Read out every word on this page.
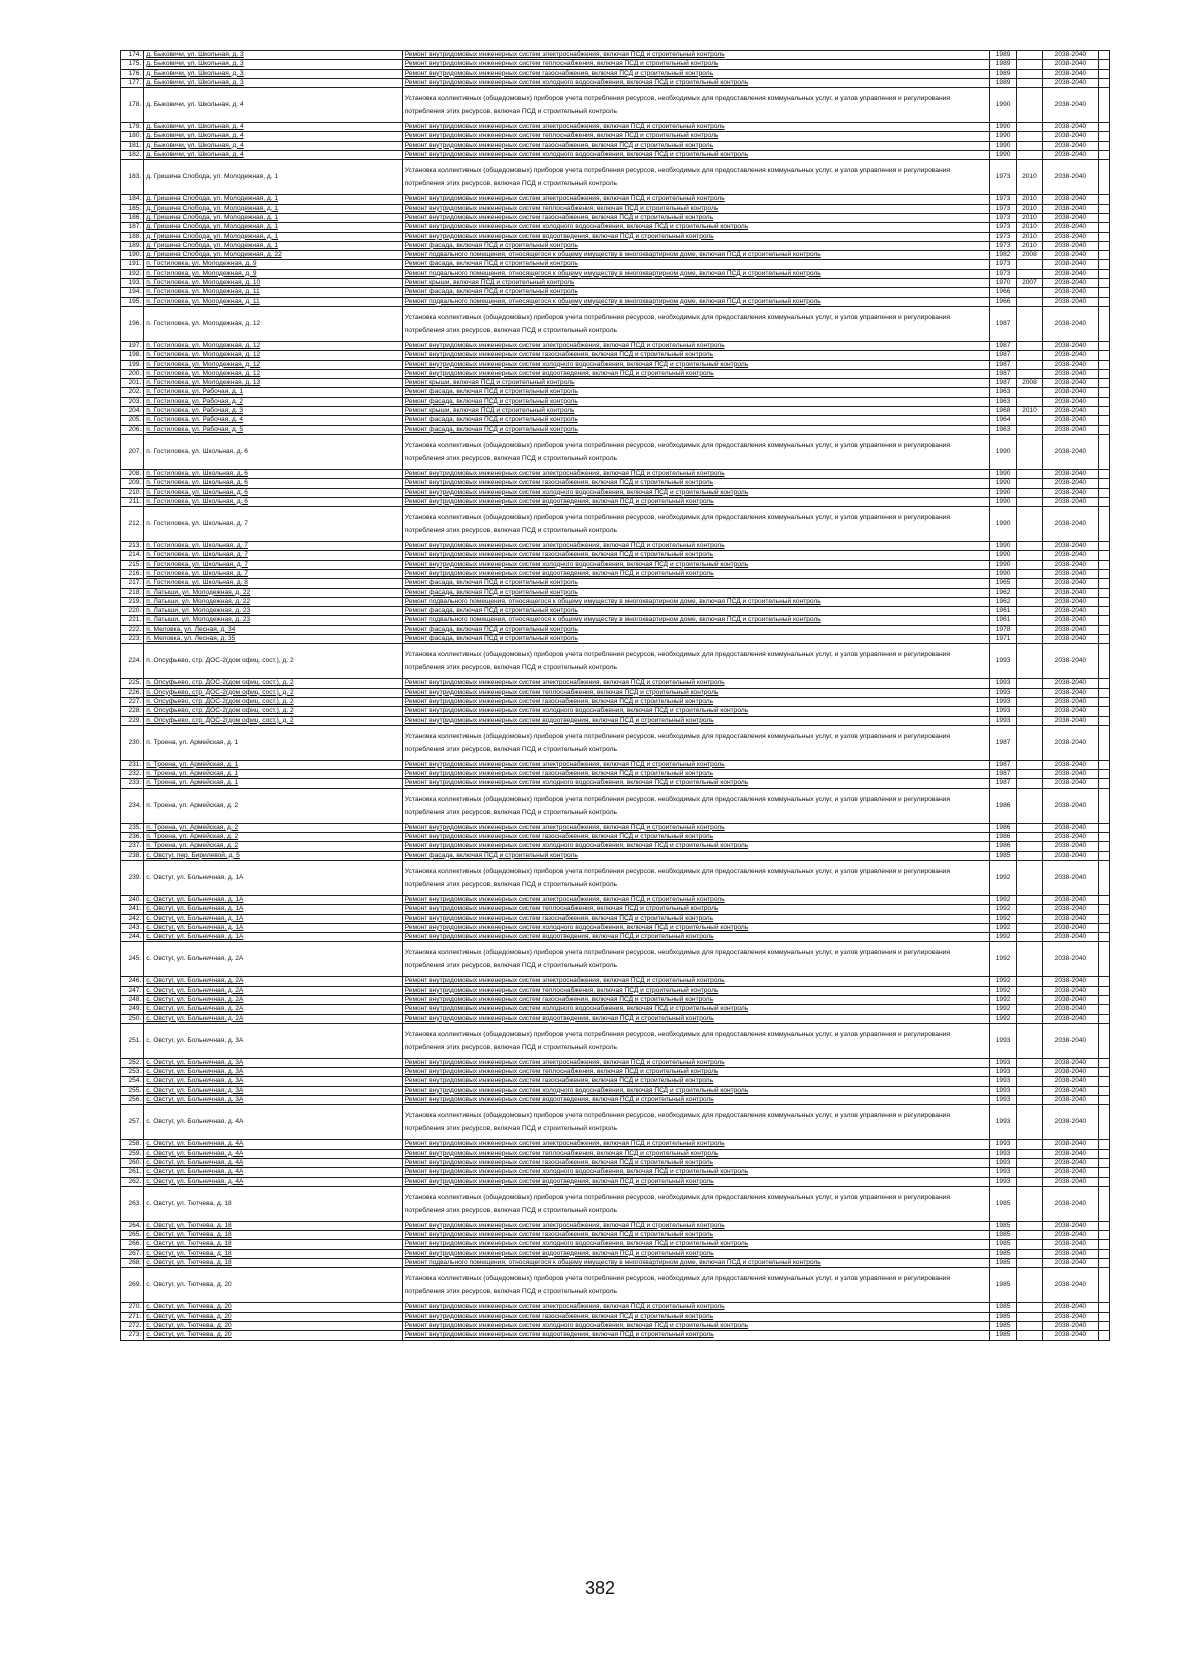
174.	д. Быковичи, ул. Школьная, д. 3	Ремонт внутридомовых инженерных систем электроснабжения, включая ПСД и строительный контроль	1989		2038-2040	
175.	д. Быковичи, ул. Школьная, д. 3	Ремонт внутридомовых инженерных систем теплоснабжения, включая ПСД и строительный контроль	1989		2038-2040	
176.	д. Быковичи, ул. Школьная, д. 3	Ремонт внутридомовых инженерных систем газоснабжения, включая ПСД и строительный контроль	1989		2038-2040	
177.	д. Быковичи, ул. Школьная, д. 3	Ремонт внутридомовых инженерных систем холодного водоснабжения, включая ПСД и строительный контроль	1989		2038-2040	
178.	д. Быковичи, ул. Школьная, д. 4	Установка коллективных (общедомовых) приборов учета потребления ресурсов, необходимых для предоставления коммунальных услуг, и узлов управления и регулирования потребления этих ресурсов, включая ПСД и строительный контроль	1990		2038-2040	
179.	д. Быковичи, ул. Школьная, д. 4	Ремонт внутридомовых инженерных систем электроснабжения, включая ПСД и строительный контроль	1990		2038-2040	
180.	д. Быковичи, ул. Школьная, д. 4	Ремонт внутридомовых инженерных систем теплоснабжения, включая ПСД и строительный контроль	1990		2038-2040	
181.	д. Быковичи, ул. Школьная, д. 4	Ремонт внутридомовых инженерных систем газоснабжения, включая ПСД и строительный контроль	1990		2038-2040	
182.	д. Быковичи, ул. Школьная, д. 4	Ремонт внутридомовых инженерных систем холодного водоснабжения, включая ПСД и строительный контроль	1990		2038-2040	
183.	д. Гришина Слобода, ул. Молодежная, д. 1	Установка коллективных (общедомовых) приборов учета потребления ресурсов, необходимых для предоставления коммунальных услуг, и узлов управления и регулирования потребления этих ресурсов, включая ПСД и строительный контроль	1973	2010	2038-2040	
184.	д. Гришина Слобода, ул. Молодежная, д. 1	Ремонт внутридомовых инженерных систем электроснабжения, включая ПСД и строительный контроль	1973	2010	2038-2040	
185.	д. Гришина Слобода, ул. Молодежная, д. 1	Ремонт внутридомовых инженерных систем теплоснабжения, включая ПСД и строительный контроль	1973	2010	2038-2040	
186.	д. Гришина Слобода, ул. Молодежная, д. 1	Ремонт внутридомовых инженерных систем газоснабжения, включая ПСД и строительный контроль	1973	2010	2038-2040	
187.	д. Гришина Слобода, ул. Молодежная, д. 1	Ремонт внутридомовых инженерных систем холодного водоснабжения, включая ПСД и строительный контроль	1973	2010	2038-2040	
188.	д. Гришина Слобода, ул. Молодежная, д. 1	Ремонт внутридомовых инженерных систем водоотведения, включая ПСД и строительный контроль	1973	2010	2038-2040	
189.	д. Гришина Слобода, ул. Молодежная, д. 1	Ремонт фасада, включая ПСД и строительный контроль	1973	2010	2038-2040	
190.	д. Гришина Слобода, ул. Молодежная, д. 22	Ремонт подвального помещения, относящегося к общему имуществу в многоквартирном доме, включая ПСД и строительный контроль	1982	2008	2038-2040	
191.	п. Гостиловка, ул. Молодежная, д. 9	Ремонт фасада, включая ПСД и строительный контроль	1973		2038-2040	
192.	п. Гостиловка, ул. Молодежная, д. 9	Ремонт подвального помещения, относящегося к общему имуществу в многоквартирном доме, включая ПСД и строительный контроль	1973		2038-2040	
193.	п. Гостиловка, ул. Молодежная, д. 10	Ремонт крыши, включая ПСД и строительный контроль	1970	2007	2038-2040	
194.	п. Гостиловка, ул. Молодежная, д. 11	Ремонт фасада, включая ПСД и строительный контроль	1966		2038-2040	
195.	п. Гостиловка, ул. Молодежная, д. 11	Ремонт подвального помещения, относящегося к общему имуществу в многоквартирном доме, включая ПСД и строительный контроль	1966		2038-2040	
196.	п. Гостиловка, ул. Молодежная, д. 12	Установка коллективных (общедомовых) приборов учета потребления ресурсов, необходимых для предоставления коммунальных услуг, и узлов управления и регулирования потребления этих ресурсов, включая ПСД и строительный контроль	1987		2038-2040	
197.	п. Гостиловка, ул. Молодежная, д. 12	Ремонт внутридомовых инженерных систем электроснабжения, включая ПСД и строительный контроль	1987		2038-2040	
198.	п. Гостиловка, ул. Молодежная, д. 12	Ремонт внутридомовых инженерных систем газоснабжения, включая ПСД и строительный контроль	1987		2038-2040	
199.	п. Гостиловка, ул. Молодежная, д. 12	Ремонт внутридомовых инженерных систем холодного водоснабжения, включая ПСД и строительный контроль	1987		2038-2040	
200.	п. Гостиловка, ул. Молодежная, д. 12	Ремонт внутридомовых инженерных систем водоотведения, включая ПСД и строительный контроль	1987		2038-2040	
201.	п. Гостиловка, ул. Молодежная, д. 13	Ремонт крыши, включая ПСД и строительный контроль	1987	2008	2038-2040	
202.	п. Гостиловка, ул. Рабочая, д. 1	Ремонт фасада, включая ПСД и строительный контроль	1963		2038-2040	
203.	п. Гостиловка, ул. Рабочая, д. 2	Ремонт фасада, включая ПСД и строительный контроль	1963		2038-2040	
204.	п. Гостиловка, ул. Рабочая, д. 3	Ремонт крыши, включая ПСД и строительный контроль	1968	2010	2038-2040	
205.	п. Гостиловка, ул. Рабочая, д. 4	Ремонт фасада, включая ПСД и строительный контроль	1964		2038-2040	
206.	п. Гостиловка, ул. Рабочая, д. 5	Ремонт фасада, включая ПСД и строительный контроль	1963		2038-2040	
207.	п. Гостиловка, ул. Школьная, д. 6	Установка коллективных (общедомовых) приборов учета потребления ресурсов, необходимых для предоставления коммунальных услуг, и узлов управления и регулирования потребления этих ресурсов, включая ПСД и строительный контроль	1990		2038-2040	
208.	п. Гостиловка, ул. Школьная, д. 6	Ремонт внутридомовых инженерных систем электроснабжения, включая ПСД и строительный контроль	1990		2038-2040	
209.	п. Гостиловка, ул. Школьная, д. 6	Ремонт внутридомовых инженерных систем газоснабжения, включая ПСД и строительный контроль	1990		2038-2040	
210.	п. Гостиловка, ул. Школьная, д. 6	Ремонт внутридомовых инженерных систем холодного водоснабжения, включая ПСД и строительный контроль	1990		2038-2040	
211.	п. Гостиловка, ул. Школьная, д. 6	Ремонт внутридомовых инженерных систем водоотведения, включая ПСД и строительный контроль	1990		2038-2040	
212.	п. Гостиловка, ул. Школьная, д. 7	Установка коллективных (общедомовых) приборов учета потребления ресурсов, необходимых для предоставления коммунальных услуг, и узлов управления и регулирования потребления этих ресурсов, включая ПСД и строительный контроль	1990		2038-2040	
213.	п. Гостиловка, ул. Школьная, д. 7	Ремонт внутридомовых инженерных систем электроснабжения, включая ПСД и строительный контроль	1990		2038-2040	
214.	п. Гостиловка, ул. Школьная, д. 7	Ремонт внутридомовых инженерных систем газоснабжения, включая ПСД и строительный контроль	1990		2038-2040	
215.	п. Гостиловка, ул. Школьная, д. 7	Ремонт внутридомовых инженерных систем холодного водоснабжения, включая ПСД и строительный контроль	1990		2038-2040	
216.	п. Гостиловка, ул. Школьная, д. 7	Ремонт внутридомовых инженерных систем водоотведения, включая ПСД и строительный контроль	1990		2038-2040	
217.	п. Гостиловка, ул. Школьная, д. 8	Ремонт фасада, включая ПСД и строительный контроль	1965		2038-2040	
218.	п. Латыши, ул. Молодежная, д. 22	Ремонт фасада, включая ПСД и строительный контроль	1962		2038-2040	
219.	п. Латыши, ул. Молодежная, д. 22	Ремонт подвального помещения, относящегося к общему имуществу в многоквартирном доме, включая ПСД и строительный контроль	1962		2038-2040	
220.	п. Латыши, ул. Молодежная, д. 23	Ремонт фасада, включая ПСД и строительный контроль	1961		2038-2040	
221.	п. Латыши, ул. Молодежная, д. 23	Ремонт подвального помещения, относящегося к общему имуществу в многоквартирном доме, включая ПСД и строительный контроль	1961		2038-2040	
222.	п. Меловка, ул. Лесная, д. 34	Ремонт фасада, включая ПСД и строительный контроль	1978		2038-2040	
223.	п. Меловка, ул. Лесная, д. 35	Ремонт фасада, включая ПСД и строительный контроль	1971		2038-2040	
224.	п. Опсуфьево, стр. ДОС-2(дом офиц. сост.), д. 2	Установка коллективных (общедомовых) приборов учета потребления ресурсов, необходимых для предоставления коммунальных услуг, и узлов управления и регулирования потребления этих ресурсов, включая ПСД и строительный контроль	1993		2038-2040	
225.	п. Опсуфьево, стр. ДОС-2(дом офиц. сост.), д. 2	Ремонт внутридомовых инженерных систем электроснабжения, включая ПСД и строительный контроль	1993		2038-2040	
226.	п. Опсуфьево, стр. ДОС-2(дом офиц. сост.), д. 2	Ремонт внутридомовых инженерных систем теплоснабжения, включая ПСД и строительный контроль	1993		2038-2040	
227.	п. Опсуфьево, стр. ДОС-2(дом офиц. сост.), д. 2	Ремонт внутридомовых инженерных систем газоснабжения, включая ПСД и строительный контроль	1993		2038-2040	
228.	п. Опсуфьево, стр. ДОС-2(дом офиц. сост.), д. 2	Ремонт внутридомовых инженерных систем холодного водоснабжения, включая ПСД и строительный контроль	1993		2038-2040	
229.	п. Опсуфьево, стр. ДОС-2(дом офиц. сост.), д. 2	Ремонт внутридомовых инженерных систем водоотведения, включая ПСД и строительный контроль	1993		2038-2040	
230.	п. Троена, ул. Армейская, д. 1	Установка коллективных (общедомовых) приборов учета потребления ресурсов, необходимых для предоставления коммунальных услуг, и узлов управления и регулирования потребления этих ресурсов, включая ПСД и строительный контроль	1987		2038-2040	
231.	п. Троена, ул. Армейская, д. 1	Ремонт внутридомовых инженерных систем электроснабжения, включая ПСД и строительный контроль	1987		2038-2040	
232.	п. Троена, ул. Армейская, д. 1	Ремонт внутридомовых инженерных систем газоснабжения, включая ПСД и строительный контроль	1987		2038-2040	
233.	п. Троена, ул. Армейская, д. 1	Ремонт внутридомовых инженерных систем холодного водоснабжения, включая ПСД и строительный контроль	1987		2038-2040	
234.	п. Троена, ул. Армейская, д. 2	Установка коллективных (общедомовых) приборов учета потребления ресурсов, необходимых для предоставления коммунальных услуг, и узлов управления и регулирования потребления этих ресурсов, включая ПСД и строительный контроль	1986		2038-2040	
235.	п. Троена, ул. Армейская, д. 2	Ремонт внутридомовых инженерных систем электроснабжения, включая ПСД и строительный контроль	1986		2038-2040	
236.	п. Троена, ул. Армейская, д. 2	Ремонт внутридомовых инженерных систем газоснабжения, включая ПСД и строительный контроль	1986		2038-2040	
237.	п. Троена, ул. Армейская, д. 2	Ремонт внутридомовых инженерных систем холодного водоснабжения, включая ПСД и строительный контроль	1986		2038-2040	
238.	с. Овстуг, пер. Бирилевой, д. 5	Ремонт фасада, включая ПСД и строительный контроль	1985		2038-2040	
239.	с. Овстуг, ул. Больничная, д. 1А	Установка коллективных (общедомовых) приборов учета потребления ресурсов, необходимых для предоставления коммунальных услуг, и узлов управления и регулирования потребления этих ресурсов, включая ПСД и строительный контроль	1992		2038-2040	
240.	с. Овстуг, ул. Больничная, д. 1А	Ремонт внутридомовых инженерных систем электроснабжения, включая ПСД и строительный контроль	1992		2038-2040	
241.	с. Овстуг, ул. Больничная, д. 1А	Ремонт внутридомовых инженерных систем теплоснабжения, включая ПСД и строительный контроль	1992		2038-2040	
242.	с. Овстуг, ул. Больничная, д. 1А	Ремонт внутридомовых инженерных систем газоснабжения, включая ПСД и строительный контроль	1992		2038-2040	
243.	с. Овстуг, ул. Больничная, д. 1А	Ремонт внутридомовых инженерных систем холодного водоснабжения, включая ПСД и строительный контроль	1992		2038-2040	
244.	с. Овстуг, ул. Больничная, д. 1А	Ремонт внутридомовых инженерных систем водоотведения, включая ПСД и строительный контроль	1992		2038-2040	
245.	с. Овстуг, ул. Больничная, д. 2А	Установка коллективных (общедомовых) приборов учета потребления ресурсов, необходимых для предоставления коммунальных услуг, и узлов управления и регулирования потребления этих ресурсов, включая ПСД и строительный контроль	1992		2038-2040	
246.	с. Овстуг, ул. Больничная, д. 2А	Ремонт внутридомовых инженерных систем электроснабжения, включая ПСД и строительный контроль	1992		2038-2040	
247.	с. Овстуг, ул. Больничная, д. 2А	Ремонт внутридомовых инженерных систем теплоснабжения, включая ПСД и строительный контроль	1992		2038-2040	
248.	с. Овстуг, ул. Больничная, д. 2А	Ремонт внутридомовых инженерных систем газоснабжения, включая ПСД и строительный контроль	1992		2038-2040	
249.	с. Овстуг, ул. Больничная, д. 2А	Ремонт внутридомовых инженерных систем холодного водоснабжения, включая ПСД и строительный контроль	1992		2038-2040	
250.	с. Овстуг, ул. Больничная, д. 2А	Ремонт внутридомовых инженерных систем водоотведения, включая ПСД и строительный контроль	1992		2038-2040	
251.	с. Овстуг, ул. Больничная, д. 3А	Установка коллективных (общедомовых) приборов учета потребления ресурсов, необходимых для предоставления коммунальных услуг, и узлов управления и регулирования потребления этих ресурсов, включая ПСД и строительный контроль	1993		2038-2040	
252.	с. Овстуг, ул. Больничная, д. 3А	Ремонт внутридомовых инженерных систем электроснабжения, включая ПСД и строительный контроль	1993		2038-2040	
253.	с. Овстуг, ул. Больничная, д. 3А	Ремонт внутридомовых инженерных систем теплоснабжения, включая ПСД и строительный контроль	1993		2038-2040	
254.	с. Овстуг, ул. Больничная, д. 3А	Ремонт внутридомовых инженерных систем газоснабжения, включая ПСД и строительный контроль	1993		2038-2040	
255.	с. Овстуг, ул. Больничная, д. 3А	Ремонт внутридомовых инженерных систем холодного водоснабжения, включая ПСД и строительный контроль	1993		2038-2040	
256.	с. Овстуг, ул. Больничная, д. 3А	Ремонт внутридомовых инженерных систем водоотведения, включая ПСД и строительный контроль	1993		2038-2040	
257.	с. Овстуг, ул. Больничная, д. 4А	Установка коллективных (общедомовых) приборов учета потребления ресурсов, необходимых для предоставления коммунальных услуг, и узлов управления и регулирования потребления этих ресурсов, включая ПСД и строительный контроль	1993		2038-2040	
258.	с. Овстуг, ул. Больничная, д. 4А	Ремонт внутридомовых инженерных систем электроснабжения, включая ПСД и строительный контроль	1993		2038-2040	
259.	с. Овстуг, ул. Больничная, д. 4А	Ремонт внутридомовых инженерных систем теплоснабжения, включая ПСД и строительный контроль	1993		2038-2040	
260.	с. Овстуг, ул. Больничная, д. 4А	Ремонт внутридомовых инженерных систем газоснабжения, включая ПСД и строительный контроль	1993		2038-2040	
261.	с. Овстуг, ул. Больничная, д. 4А	Ремонт внутридомовых инженерных систем холодного водоснабжения, включая ПСД и строительный контроль	1993		2038-2040	
262.	с. Овстуг, ул. Больничная, д. 4А	Ремонт внутридомовых инженерных систем водоотведения, включая ПСД и строительный контроль	1993		2038-2040	
263.	с. Овстуг, ул. Тютчева, д. 18	Установка коллективных (общедомовых) приборов учета потребления ресурсов, необходимых для предоставления коммунальных услуг, и узлов управления и регулирования потребления этих ресурсов, включая ПСД и строительный контроль	1985		2038-2040	
264.	с. Овстуг, ул. Тютчева, д. 18	Ремонт внутридомовых инженерных систем электроснабжения, включая ПСД и строительный контроль	1985		2038-2040	
265.	с. Овстуг, ул. Тютчева, д. 18	Ремонт внутридомовых инженерных систем газоснабжения, включая ПСД и строительный контроль	1985		2038-2040	
266.	с. Овстуг, ул. Тютчева, д. 18	Ремонт внутридомовых инженерных систем холодного водоснабжения, включая ПСД и строительный контроль	1985		2038-2040	
267.	с. Овстуг, ул. Тютчева, д. 18	Ремонт внутридомовых инженерных систем водоотведения, включая ПСД и строительный контроль	1985		2038-2040	
268.	с. Овстуг, ул. Тютчева, д. 18	Ремонт подвального помещения, относящегося к общему имуществу в многоквартирном доме, включая ПСД и строительный контроль	1985		2038-2040	
269.	с. Овстуг, ул. Тютчева, д. 20	Установка коллективных (общедомовых) приборов учета потребления ресурсов, необходимых для предоставления коммунальных услуг, и узлов управления и регулирования потребления этих ресурсов, включая ПСД и строительный контроль	1985		2038-2040	
270.	с. Овстуг, ул. Тютчева, д. 20	Ремонт внутридомовых инженерных систем электроснабжения, включая ПСД и строительный контроль	1985		2038-2040	
271.	с. Овстуг, ул. Тютчева, д. 20	Ремонт внутридомовых инженерных систем газоснабжения, включая ПСД и строительный контроль	1985		2038-2040	
272.	с. Овстуг, ул. Тютчева, д. 20	Ремонт внутридомовых инженерных систем холодного водоснабжения, включая ПСД и строительный контроль	1985		2038-2040	
273.	с. Овстуг, ул. Тютчева, д. 20	Ремонт внутридомовых инженерных систем водоотведения, включая ПСД и строительный контроль	1985		2038-2040	
382
